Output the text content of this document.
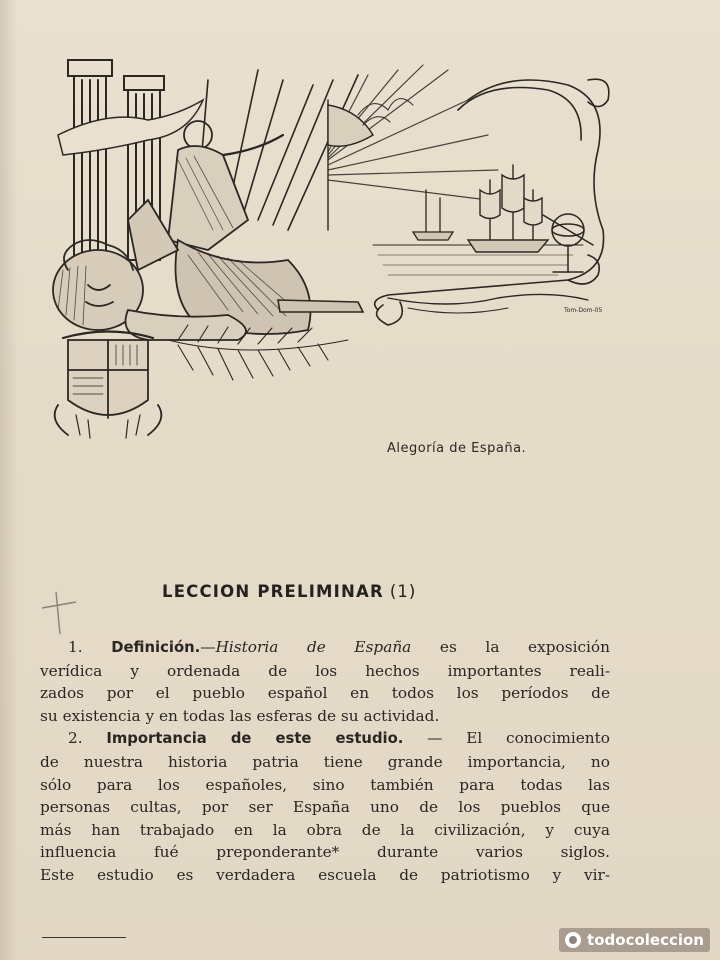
Tom-Dom-05
Alegoría de España.
LECCION PRELIMINAR (1)
1. Definición.—Historia de España es la exposición
verídica y ordenada de los hechos importantes reali-
zados por el pueblo español en todos los períodos de
su existencia y en todas las esferas de su actividad.
2. Importancia de este estudio. — El conocimiento
de nuestra historia patria tiene grande importancia, no
sólo para los españoles, sino también para todas las
personas cultas, por ser España uno de los pueblos que
más han trabajado en la obra de la civilización, y cuya
influencia fué preponderante* durante varios siglos.
Este estudio es verdadera escuela de patriotismo y vir-
todocoleccion
